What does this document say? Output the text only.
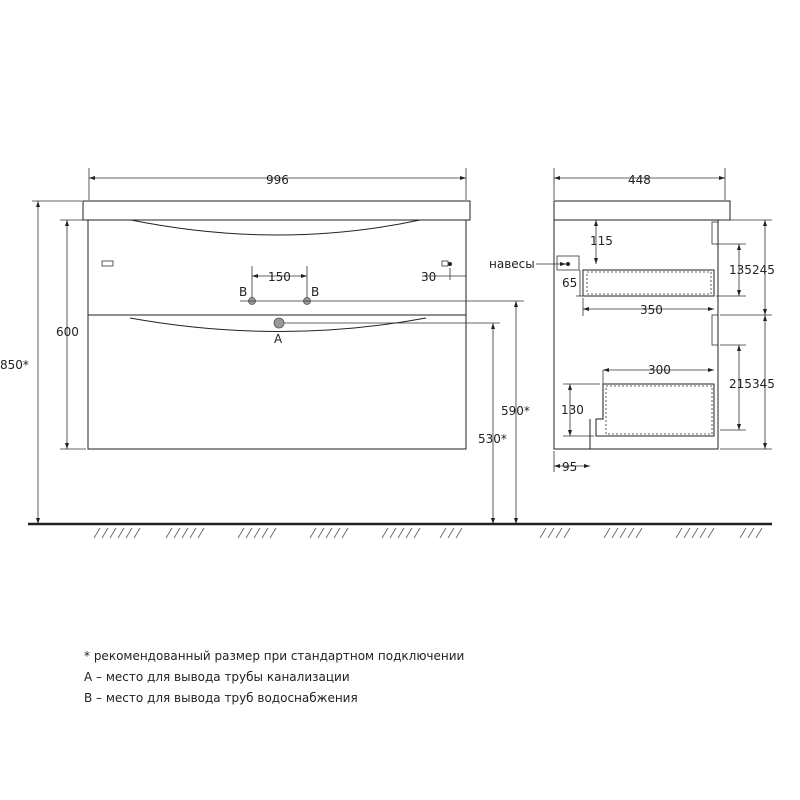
996
600
850*
150	30
B	B
A
590*
530*
448
навесы
115
65
135 245
350
300
215 345
130
95
* рекомендованный размер при стандартном подключении
А – место для вывода трубы канализации
В – место для вывода труб водоснабжения
